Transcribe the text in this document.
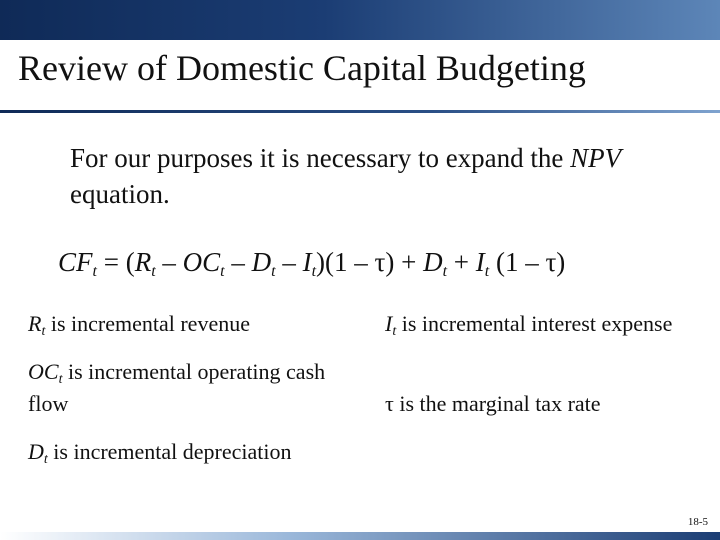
Review of Domestic Capital Budgeting
For our purposes it is necessary to expand the NPV equation.
$CF_t = (R_t - OC_t - D_t - I_t)(1 - \tau) + D_t + I_t$ (1 – τ)
$R_t$ is incremental revenue
$OC_t$ is incremental operating cash flow
$I_t$ is incremental interest expense
τ is the marginal tax rate
$D_t$ is incremental depreciation
18-5
